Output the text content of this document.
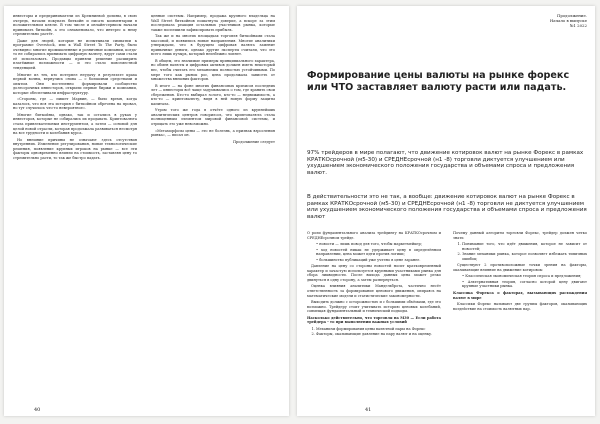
инвесторы и предприниматели из Кремниевой долины, в свою очередь, начали покупать биткойн и писать комментарии в положительном ключе. В том числе и онлайн-сервисы начали принимать биткойн, а это ознаменовало, что интерес к нему стремительно растёт.

Даже для людей, которые не испытывали симпатии к программе Overstock, или к Wall Street To The Party, было очевидно: многие промышленные и розничные компании, когда-то не собирались принимать цифровую валюту, вдруг сами стали её использовать. Продавцы приняли решение расширить платёжные возможности — и это стало повсеместной тенденцией.

Многие из тех, кто потерпел неудачу в результате краха первой волны, вернулись снова — с большими средствами и опытом. Они постепенно формировали сообщество долгосрочных инвесторов, открыли первые биржи и компании, которые обеспечивали инфраструктуру.

«Стороны, где — пишет Марвин, — было время, когда казалось, что вся эта история с биткойном обречена на провал, но тут случилось что-то невероятное».

Многие биткойны, однако, так и остались в руках у инвесторов, которые не собирались их продавать. Криптовалюта стала привлекательным инструментом, а затем — основой для целой новой отрасли, которая продолжала развиваться несмотря на все трудности и колебания курса.

Но внешние причины не означают здесь отсутствия внутренних. Изменение регулирования, новые технологические решения, появление крупных игроков на рынке — все эти факторы одновременно влияли на стоимость, заставляя цену то стремительно расти, то так же быстро падать.

ценные системы. Например, продажа крупного владельца на Wall Street биткойнов пошатнула доверие, а вскоре за этим последовала реакция остальных участников рынка, которые также поспешили зафиксировать прибыль.

Так же и на многих площадках торговля биткойнами стала массовой, и появились новые направления. Многие аналитики утверждали, что в будущем цифровая валюта заменит привычные деньги, однако другие эксперты считали, что это всего лишь пузырь, который неизбежно лопнет.

В общем, это значимые примеры принципиального характера, но обмен валюты и цифровых активов должен иметь некоторый вес, чтобы считать его механизмы полностью устойчивыми. По мере того как рынок рос, цена продолжала зависеть от множества внешних факторов.

В итоге — на фоне многих финансовых кризисов последних лет — инвесторы всё чаще задумывались о том, где хранить свои сбережения. Кто-то выбирал золото, кто-то — недвижимость, а кто-то — криптовалюту, видя в ней новую форму защиты капитала.

Утром того же года в отчёте одного из крупнейших аналитических центров говорилось, что криптовалюта стала полноценным элементом мировой финансовой системы, и отрицать это уже невозможно.

«Метаморфозы цены — это не болезнь, а признак взросления рынка», — писал он.

Продолжение следует

40
Продолжение.
Начало в выпуске
№1 2022
Формирование цены валюты на рынке форекс или ЧТО заставляет валюту расти или падать.

97% трейдеров в мире полагают, что движение котировок валют на рынке Форекс в рамках КРАТКОсрочной (м5-30) и СРЕДНЕсрочной (н1 -8) торговли диктуется улучшением или ухудшением экономического положения государства и объемами спроса и предложения валют.

В действительности это не так, а вообще: движение котировок валют на рынке Форекс в рамках КРАТКОсрочной (м5-30) и СРЕДНЕсрочной (н1 -8) торговли не диктуется улучшением или ухудшением экономического положения государства и объемами спроса и предложения валют

О роли фундаментального анализа трейдингу на КРАТКОсрочном и СРЕДНЕсрочном трейде.

• новости — лишь повод для того, чтобы маркетмейкер;
• ход новостей никак не удерживает цену в определённом направлении, цена может идти против логики;
• большинство публикаций уже учтено в цене заранее.

Давление на цену со стороны новостей носит кратковременный характер и зачастую используется крупными участниками рынка для сбора ликвидности. После выхода данных цена может резко двинуться в одну сторону, а затем развернуться.

Оценка влияния аналитики Мандельброта, частично несёт ответственность за формирование ценового движения, опираясь на математические модели и статистические закономерности.

Выходить должно с осторожностью и с большими объёмами, где это возможно. Трейдеру стоит учитывать историю ценовых колебаний, совмещая фундаментальный и технический подходы.

Насколько действительно, что торговля на М30 — Если работа трейдера - то при выполнении важных условий

1. Механизм формирования цены валютной пары на Форекс
2. Факторы, оказывающие давление на пару валют и на оценку.

Почему данный алгоритм торговли Форекс, трейдер должен четко знать:

1. Понимание того, что идёт движения, которое не зависит от новостей;
2. Знание механики рынка, которое позволяет избежать типичных ошибок;

Существуют 2 противоположные точки зрения на факторы, оказывающие влияние на движение котировок:

• Классическая экономическая теория спроса и предложения;
• Альтернативная теория, согласно которой цену двигают крупные участники рынка.

Классика Форекса о факторах, вызывающих расхождения валют в мире

Классики Форекс называют две группы факторов, оказывающих воздействие на стоимость валютных пар.

41
